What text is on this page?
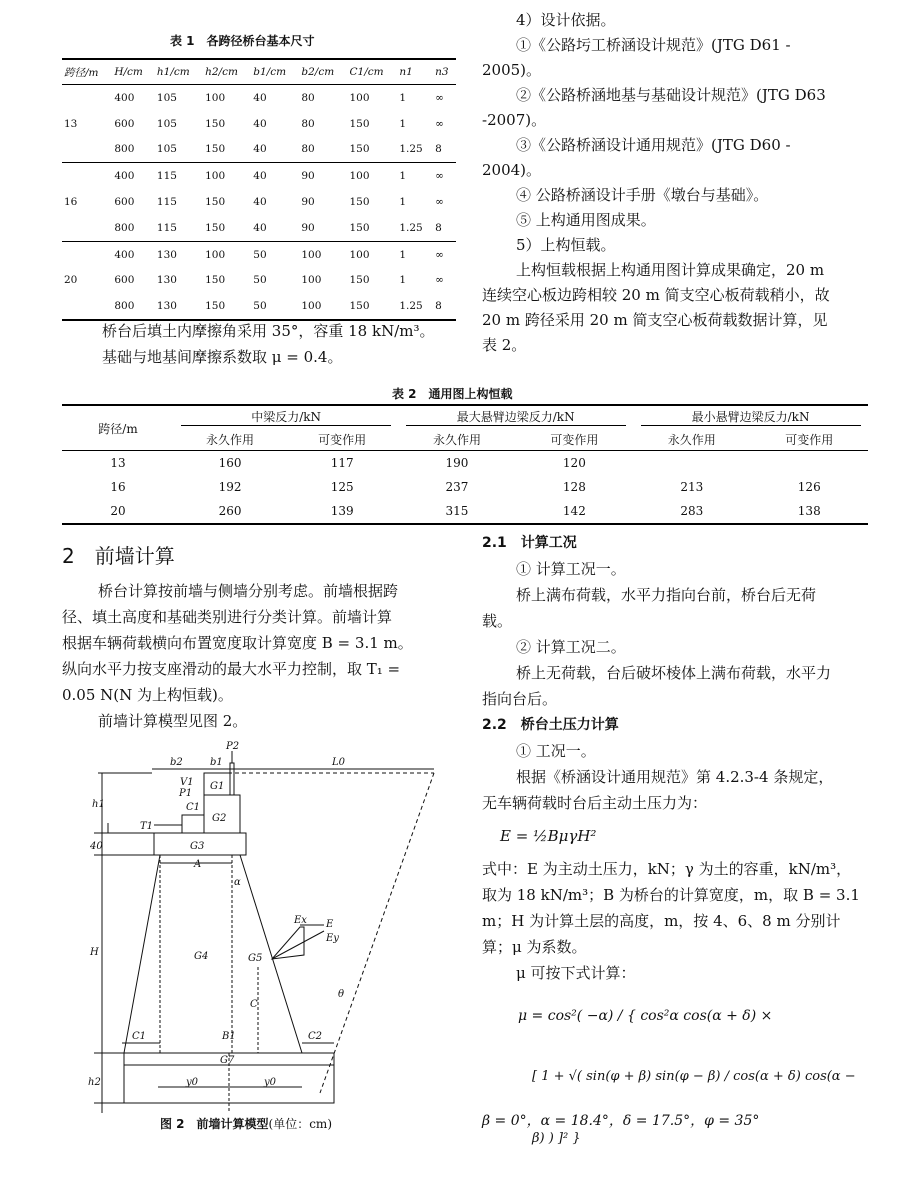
表 1　各跨径桥台基本尺寸
跨径/m	H/cm	h1/cm	h2/cm	b1/cm	b2/cm	C1/cm	n1	n3
	400	105	100	40	80	100	1	∞
13	600	105	150	40	80	150	1	∞
	800	105	150	40	80	150	1.25	8
	400	115	100	40	90	100	1	∞
16	600	115	150	40	90	150	1	∞
	800	115	150	40	90	150	1.25	8
	400	130	100	50	100	100	1	∞
20	600	130	150	50	100	150	1	∞
	800	130	150	50	100	150	1.25	8
桥台后填土内摩擦角采用 35°，容重 18 kN/m³。
基础与地基间摩擦系数取 μ = 0.4。
4）设计依据。
①《公路圬工桥涵设计规范》(JTG D61 -
2005)。
②《公路桥涵地基与基础设计规范》(JTG D63
-2007)。
③《公路桥涵设计通用规范》(JTG D60 -
2004)。
④ 公路桥涵设计手册《墩台与基础》。
⑤ 上构通用图成果。
5）上构恒载。
上构恒载根据上构通用图计算成果确定，20 m
连续空心板边跨相较 20 m 简支空心板荷载稍小，故
20 m 跨径采用 20 m 简支空心板荷载数据计算，见
表 2。
表 2　通用图上构恒载
跨径/m	中梁反力/kN		最大悬臂边梁反力/kN		最小悬臂边梁反力/kN	
	永久作用	可变作用	永久作用	可变作用	永久作用	可变作用
13	160	117	190	120		
16	192	125	237	128	213	126
20	260	139	315	142	283	138
2　前墙计算
桥台计算按前墙与侧墙分别考虑。前墙根据跨
径、填土高度和基础类别进行分类计算。前墙计算
根据车辆荷载横向布置宽度取计算宽度 B = 3.1 m。
纵向水平力按支座滑动的最大水平力控制，取 T₁ =
0.05 N(N 为上构恒载)。
前墙计算模型见图 2。
b2	b1
P2
L0
V1
P1
G1
C1
G2
T1
h1
40	G3
A
α
H
Ex E
Ey
G4	G5
C
θ
C2
B1
C1
G7
h2	y0	y0
图 2　前墙计算模型(单位：cm)
2.1　计算工况
① 计算工况一。
桥上满布荷载，水平力指向台前，桥台后无荷
载。
② 计算工况二。
桥上无荷载，台后破坏棱体上满布荷载，水平力
指向台后。
2.2　桥台土压力计算
① 工况一。
根据《桥涵设计通用规范》第 4.2.3-4 条规定，
无车辆荷载时台后主动土压力为：
E = ½BμγH²
式中：E 为主动土压力，kN；γ 为土的容重，kN/m³，
取为 18 kN/m³；B 为桥台的计算宽度，m，取 B = 3.1
m；H 为计算土层的高度，m，按 4、6、8 m 分别计
算；μ 为系数。
μ 可按下式计算：
μ = cos²( −α) / { cos²α cos(α + δ) ×
[ 1 + √( sin(φ + β) sin(φ − β) / cos(α + δ) cos(α − β) ) ]² }
β = 0°，α = 18.4°，δ = 17.5°，φ = 35°
